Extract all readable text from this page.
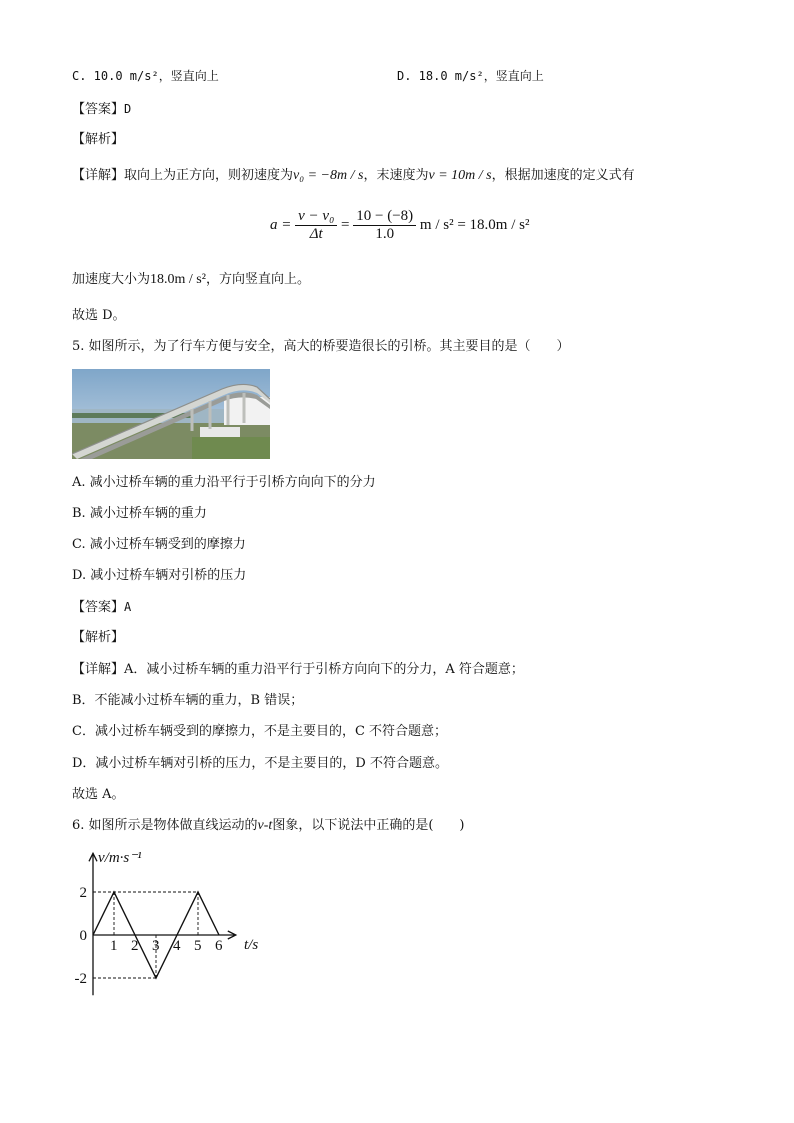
C. 10.0 m/s²，竖直向上	D. 18.0 m/s²，竖直向上
【答案】D
【解析】
【详解】取向上为正方向，则初速度为v₀ = −8m / s，末速度为v = 10m / s，根据加速度的定义式有
$a = \frac{\text{v − v₀}}{\Delta t} = \frac{10 - (-8)}{1.0}$ m / s² = 18.0m / s²
加速度大小为18.0m / s²，方向竖直向上。
故选 D。
5. 如图所示，为了行车方便与安全，高大的桥要造很长的引桥。其主要目的是（　　）
A. 减小过桥车辆的重力沿平行于引桥方向向下的分力
B. 减小过桥车辆的重力
C. 减小过桥车辆受到的摩擦力
D. 减小过桥车辆对引桥的压力
【答案】A
【解析】
【详解】A．减小过桥车辆的重力沿平行于引桥方向向下的分力，A 符合题意；
B．不能减小过桥车辆的重力，B 错误；
C．减小过桥车辆受到的摩擦力，不是主要目的，C 不符合题意；
D．减小过桥车辆对引桥的压力，不是主要目的，D 不符合题意。
故选 A。
6. 如图所示是物体做直线运动的v-t图象，以下说法中正确的是(　　)
v/m·s⁻¹
t/s
1 2 3 4 5 6
2
0
-2
